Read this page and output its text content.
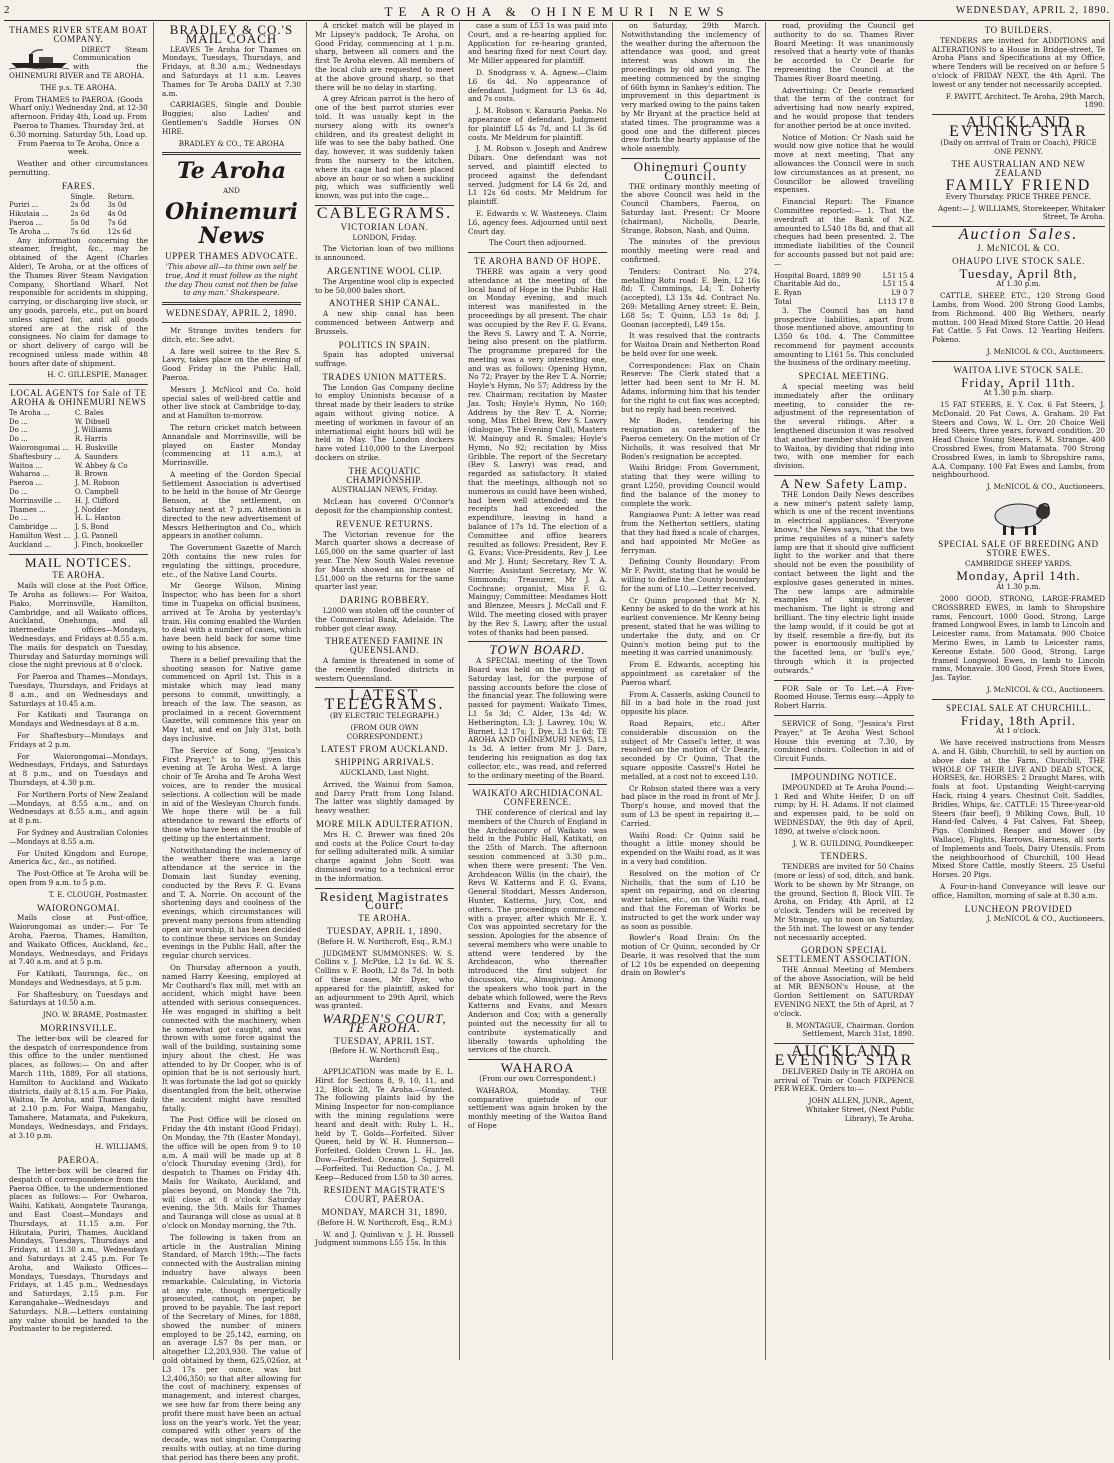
2	TE AROHA & OHINEMURI NEWS	WEDNESDAY, APRIL 2, 1890.
THAMES RIVER STEAM BOAT COMPANY.

DIRECT Steam Communication with the OHINEMURI RIVER and TE AROHA.

THE p.s. TE AROHA.

From THAMES to PAEROA. (Goods Wharf only.) Wednesday 2nd, at 12-30 afternoon. Friday 4th, Load up. From Paeroa to Thames. Thursday 3rd, at 6.30 morning. Saturday 5th, Load up. From Paeroa to Te Aroha, Once a week.

Weather and other circumstances permitting.

FARES.
	Single.	Return.
Puriri ...	2s 0d	3s 0d
Hikutaia ...	2s 6d	4s 0d
Paeroa ...	5s 0d	7s 6d
Te Aroha ...	7s 6d	12s 6d

Any information concerning the steamer, freight, &c., may be obtained of the Agent (Charles Alder), Te Aroha, or at the offices of the Thames River Steam Navigation Company, Shortland Wharf. Not responsible for accidents in shipping, carrying, or discharging live stock, or any goods, parcels, etc., put on board unless signed for, and all goods stored are at the risk of the consignees. No claim for damage to or short delivery of cargo will be recognised unless made within 48 hours after date of shipment.

H. C. GILLESPIE, Manager.

LOCAL AGENTS for Sale of TE AROHA & OHINEMURI NEWS
Te Aroha ...	C. Bales
Do ...	W. Dibsell
Do ...	J. Williams
Do ...	R. Harris
Waiorongomai ...	H. Buskville
Shaftesbury ...	A. Saunders
Waitoa ...	W. Abbey & Co
Waharoa ...	B. Brown
Paeroa ...	J. M. Robson
Do ...	O. Campbell
Morrinsville ...	H. J. Clifford
Thames ...	J. Nodder
Do ...	H. L. Hanton
Cambridge ...	J. S. Bond
Hamilton West ...	J. G. Pannell
Auckland ...	J. Finch, bookseller
MAIL NOTICES.
TE AROHA.

Mails will close at the Post Office, Te Aroha as follows:— For Waitoa, Piako, Morrinsville, Hamilton, Cambridge, and all Waikato offices, Auckland, Onehunga, and all intermediate offices—Mondays, Wednesdays, and Fridays at 8.55 a.m. The mails for despatch on Tuesday, Thursday and Saturday mornings will close the night previous at 8 o'clock.

For Paeroa and Thames—Mondays, Tuesdays, Thursdays, and Fridays at 8 a.m., and on Wednesdays and Saturdays at 10.45 a.m.

For Katikati and Tauranga on Mondays and Wednesdays at 8 a.m.

For Shaftesbury—Mondays and Fridays at 2 p.m.

For Waiorongomai—Mondays, Wednesdays, Fridays, and Saturdays at 8 p.m., and on Tuesdays and Thursdays, at 4.30 p.m.

For Northern Ports of New Zealand—Mondays, at 8.55 a.m., and on Wednesdays at 8.55 a.m., and again at 8 p.m.

For Sydney and Australian Colonies—Mondays at 8.55 a.m.

For United Kingdom and Europe, America &c., &c., as notified.

The Post-Office at Te Aroha will be open from 9 a.m. to 5 p.m.

T. E. CLOUGH, Postmaster.

WAIORONGOMAI.

Mails close at Post-office, Waiorongomai as under:— For Te Aroha, Paeroa, Thames, Hamilton, and Waikato Offices, Auckland, &c., Mondays, Wednesdays, and Fridays at 7.40 a.m. and at 5 p.m.

For Katikati, Tauranga, &c., on Mondays and Wednesdays, at 5 p.m.

For Shaftesbury, on Tuesdays and Saturdays at 10.50 a.m.

JNO. W. BRAME, Postmaster.

MORRINSVILLE.

The letter-box will be cleared for the despatch of correspondence from this office to the under mentioned places, as follows:— On and after March 11th, 1889, For all stations, Hamilton to Auckland and Waikato districts, daily at 8.15 a.m. For Piako, Waitoa, Te Aroha, and Thames daily at 2.10 p.m. For Waipa, Mangahu, Tamahere, Matamata, and Pukekura, Mondays, Wednesdays, and Fridays, at 3.10 p.m.

H. WILLIAMS,

PAEROA.

The letter-box will be cleared for despatch of correspondence from the Paeroa Office, to the undermentioned places as follows:— For Owharoa, Waihi, Katikati, Aongatete Tauranga, and East Coast—Mondays and Thursdays, at 11.15 a.m. For Hikutaia, Puriri, Thames, Auckland Mondays, Tuesdays, Thursdays and Fridays, at 11.30 a.m., Wednesdays and Saturdays at 2.45 p.m. For Te Aroha, and Waikato Offices—Mondays, Tuesdays, Thursdays and Fridays, at 1.45 p.m., Wednesdays and Saturdays, 2.15 p.m. For Karangahake—Wednesdays and Saturdays. N.B.—Letters containing any value should be handed to the Postmaster to be registered.

BRADLEY & CO.'S MAIL COACH

LEAVES Te Aroha for Thames on Mondays, Tuesdays, Thursdays, and Fridays, at 8.30 a.m.; Wednesdays and Saturdays at 11 a.m. Leaves Thames for Te Aroha DAILY at 7.30 a.m.

CARRIAGES, Single and Double Buggies; also Ladies' and Gentlemen's Saddle Horses ON HIRE.

BRADLEY & CO., TE AROHA

Te Aroha
AND
Ohinemuri News
UPPER THAMES ADVOCATE.

'This above all—to thine own self be true, And it must follow as the night the day Thou canst not then be false to any man.' Shakespeare.

WEDNESDAY, APRIL 2, 1890.

Mr Strange invites tenders for ditch, etc. See advt.

A fare well soiree to the Rev S. Lawry, takes place on the evening of Good Friday in the Public Hall, Paeroa.

Messrs J. McNicol and Co. hold special sales of well-bred cattle and other live stock at Cambridge to-day, and at Hamilton to-morrow.

The return cricket match between Annandale and Morrinsville, will be played on Easter Monday (commencing at 11 a.m.), at Morrinsville.

A meeting of the Gordon Special Settlement Association is advertised to be held in the house of Mr George Benson, at the settlement, on Saturday next at 7 p.m. Attention is directed to the new advertisement of Messrs Hetherington and Co., which appears in another column.

The Government Gazette of March 20th contains the new rules for regulating the sittings, procedure, etc., of the Native Land Courts.

Mr George Wilson, Mining Inspector, who has been for a short time in Tuapeka on official business, arrived at Te Aroha by yesterday's train. His coming enabled the Warden to deal with a number of cases, which have been held back for some time owing to his absence.

There is a belief prevailing that the shooting season for Native game commenced on April 1st. This is a mistake which may lead many persons to commit, unwittingly, a breach of the law. The season, as proclaimed in a recent Government Gazette, will commence this year on May 1st, and end on July 31st, both days inclusive.

The Service of Song, "Jessica's First Prayer," is to be given this evening at Te Aroha West. A large choir of Te Aroha and Te Aroha West voices, are to render the musical selections. A collection will be made in aid of the Wesleyan Church funds. We hope there will be a full attendance to reward the efforts of those who have been at the trouble of getting up the entertainment.

Notwithstanding the inclemency of the weather there was a large attendance at the service in the Domain last Sunday evening, conducted by the Revs F. G. Evans and T. A. Norrie. On account of the shortening days and coolness of the evenings, which circumstances will prevent many persons from attending open air worship, it has been decided to continue these services on Sunday evenings in the Public Hall, after the regular church services.

On Thursday afternoon a youth, named Harry Keesing, employed at Mr Couthard's flax mill, met with an accident, which might have been attended with serious consequences. He was engaged in shifting a belt connected with the machinery, when he somewhat got caught, and was thrown with some force against the wall of the building, sustaining some injury about the chest. He was attended to by Dr Cooper, who is of opinion that he is not seriously hurt. It was fortunate the lad got so quickly disentangled from the belt, otherwise the accident might have resulted fatally.

The Post Office will be closed on Friday the 4th instant (Good Friday). On Monday, the 7th (Easter Monday), the office will be open from 9 to 10 a.m. A mail will be made up at 8 o'clock Thursday evening (3rd), for despatch to Thames on Friday 4th. Mails for Waikato, Auckland, and places beyond, on Monday the 7th, will close at 8 o'clock Saturday evening, the 5th. Mails for Thames and Tauranga will close as usual at 8 o'clock on Monday morning, the 7th.

The following is taken from an article in the Australian Mining Standard, of March 19th:—The facts connected with the Australian mining industry have always been remarkable. Calculating, in Victoria at any rate, though energetically prosecuted, cannot, on paper, be proved to be payable. The last report of the Secretary of Mines, for 1888, showed the number of miners employed to be 25,142, earning, on an average LS7 8s per man, or altogether L2,203,930. The value of gold obtained by them, 625,026oz, at L3 17s per ounce, was but L2,406,350; so that after allowing for the cost of machinery, expenses of management, and interest charges, we see how far from there being any profit there must have been an actual loss on the year's work. Yet the year, compared with other years of the decade, was not singular. Comparing results with outlay, at no time during that period has there been any profit.

A cricket match will be played in Mr Lipsey's paddock, Te Aroha, on Good Friday, commencing at 1 p.m. sharp, between all comers and the first Te Aroha eleven. All members of the local club are requested to meet at the above ground sharp, so that there will be no delay in starting.

A grey African parrot is the hero of one of the best parrot stories ever told. It was usually kept in the nursery along with its owner's children, and its greatest delight in life was to see the baby bathed. One day, however, it was suddenly taken from the nursery to the kitchen, where its cage had not been placed above an hour or so when a suckling pig, which was sufficiently well known, was put into the cage...

CABLEGRAMS.
VICTORIAN LOAN.

LONDON, Friday.

The Victorian loan of two millions is announced.

ARGENTINE WOOL CLIP.

The Argentine wool clip is expected to be 50,000 bales short.

ANOTHER SHIP CANAL.

A new ship canal has been commenced between Antwerp and Brussels.

POLITICS IN SPAIN.

Spain has adopted universal suffrage.

TRADES UNION MATTERS.

The London Gas Company decline to employ Unionists because of a threat made by their leaders to strike again without giving notice. A meeting of workmen in favour of an international eight hours bill will be held in May. The London dockers have voted L10,000 to the Liverpool dockers on strike.

THE ACQUATIC CHAMPIONSHIP.

AUSTRALIAN NEWS, Friday.

McLean has covered O'Connor's deposit for the championship contest.

REVENUE RETURNS.

The Victorian revenue for the March quarter shows a decrease of L65,000 on the same quarter of last year. The New South Wales revenue for March showed an increase of L51,000 on the returns for the same quarter last year.

DARING ROBBERY.

L2000 was stolen off the counter of the Commercial Bank, Adelaide. The robber got clear away.

THREATENED FAMINE IN QUEENSLAND.

A famine is threatened in some of the recently flooded districts in western Queensland.

LATEST TELEGRAMS.

(BY ELECTRIC TELEGRAPH.)

(FROM OUR OWN CORRESPONDENT.)

LATEST FROM AUCKLAND.
SHIPPING ARRIVALS.

AUCKLAND, Last Night.

Arrived, the Wainui from Samoa, and Darcy Pratt from Long Island. The latter was slightly damaged by heavy weather.

MORE MILK ADULTERATION.

Mrs H. C. Brewer was fined 20s and costs at the Police Court to-day for selling adulterated milk. A similar charge against John Scott was dismissed owing to a technical error in the information.

Resident Magistrates Court.
TE AROHA.
TUESDAY, APRIL 1, 1890.

(Before H. W. Northcroft, Esq., R.M.)

JUDGMENT SUMMONSES: W. S. Collins v. J. McPike, L2 1s 6d. W. S. Collins v. F. Booth, L2 8s 7d. In both of these cases, Mr Dyer, who appeared for the plaintiff, asked for an adjournment to 29th April, which was granted.

WARDEN'S COURT, TE AROHA.
TUESDAY, APRIL 1ST.

(Before H. W. Northcroft Esq., Warden)

APPLICATION was made by E. L. Hirst for Sections 8, 9, 10, 11, and 12, Block 28, Te Aroha.—Granted. The following plaints laid by the Mining Inspector for non-compliance with the mining regulations were heard and dealt with: Ruby L. H., held by T. Golds—Forfeited. Silver Queen, held by W. H. Hunnerson—Forfeited. Golden Crown L. H., Jas. Dow—Forfeited. Oceana, J. Squirrell—Forfeited. Tui Reduction Co., J. M. Keep—Reduced from L50 to 30 acres.

RESIDENT MAGISTRATE'S COURT, PAEROA.
MONDAY, MARCH 31, 1890.

(Before H. W. Northcroft, Esq., R.M.)

W. and J. Quinlivan v. J. H. Russell Judgment summons L55 15s. In this

case a sum of L53 1s was paid into Court, and a re-hearing applied for. Application for re-hearing granted, and hearing fixed for next Court day. Mr Miller appeared for plaintiff.

D. Snodgrass v. A. Agnew.—Claim L6 6s 4d. No appearance of defendant. Judgment for L3 6s 4d, and 7s costs.

J. M. Robson v. Karauria Paeka. No appearance of defendant. Judgment for plaintiff L5 4s 7d, and L1 3s 6d costs. Mr Meldrum for plaintiff.

J. M. Robson v. Joseph and Andrew Dibars. One defendant was not served, and plaintiff elected to proceed against the defendant served. Judgment for L4 6s 2d, and L1 12s 6d costs. Mr Meldrum for plaintiff.

E. Edwards v. W. Wasteneys. Claim L6, agency fees. Adjourned until next Court day.

The Court then adjourned.

TE AROHA BAND OF HOPE.

THERE was again a very good attendance at the meeting of the local band of Hope in the Public Hall on Monday evening, and much interest was manifested in the proceedings by all present. The chair was occupied by the Rev F. G. Evans, the Revs S. Lawry and T. A. Norrie, being also present on the platform. The programme prepared for the meeting was a very interesting one, and was as follows: Opening Hymn, No 72; Prayer by the Rev T. A. Norrie; Hoyle's Hymn, No 57; Address by the rev. Chairman; recitation by Master Jas. Tosh; Hoyle's Hymn, No 160; Address by the Rev T. A. Norrie; song, Miss Ethel Brew, Rev S. Lawry (dialogue, The Evening Call), Masters W. Mainguy and R. Smales; Hoyle's Hymn, No 92; recitation by Miss Gribble. The report of the Secretary (Rev S. Lawry) was read, and regarded as satisfactory. It stated that the meetings, although not so numerous as could have been wished, had been well attended; and the receipts had exceeded the expenditure, leaving in hand a balance of 17s 1d. The election of a Committee and office bearers resulted as follows: President, Rev F. G. Evans; Vice-Presidents, Rev J. Lee and Mr J. Hunt; Secretary, Rev T. A. Norrie; Assistant Secretary, Mr W. Simmonds; Treasurer, Mr J. A. Cochrane; organist, Miss F. G. Mainguy; Committee: Mesdames Hott and Blenzee, Messrs J. McCall and F. Wild. The meeting closed with prayer by the Rev S. Lawry, after the usual votes of thanks had been passed.

TOWN BOARD.

A SPECIAL meeting of the Town Board was held on the evening of Saturday last, for the purpose of passing accounts before the close of the financial year. The following were passed for payment: Waikato Times, L1 5s 3d; C. Alder, 13s 4d; W. Hetherington, L3; J. Lawrey, 10s; W. Burnet, L2 17s; J. Dye, L3 1s 6d; TE AROHA AND OHINEMURI NEWS, L3 1s 3d. A letter from Mr J. Dare, tendering his resignation as dog tax collector, etc., was read, and referred to the ordinary meeting of the Board.

WAIKATO ARCHIDIACONAL CONFERENCE.

THE conference of clerical and lay members of the Church of England in the Archdeaconry of Waikato was held in the Public Hall, Katikati, on the 25th of March. The afternoon session commenced at 3.30 p.m., when there were present: The Ven. Archdeacon Willis (in the chair), the Revs W. Katterns and F. G. Evans, General Stoddart, Messrs Anderson, Hunter, Katterns, Jury, Cox, and others. The proceedings commenced with a prayer, after which Mr E. Y. Cox was appointed secretary for the session. Apologies for the absence of several members who were unable to attend were tendered by the Archdeacon, who thereafter introduced the first subject for discussion, viz., Almsgiving. Among the speakers who took part in the debate which followed, were the Revs Katterns and Evans, and Messrs Anderson and Cox; with a generally pointed out the necessity for all to contribute systematically and liberally towards upholding the services of the church.

WAHAROA

(From our own Correspondent.)

WAHAROA, Monday. THE comparative quietude of our settlement was again broken by the monthly meeting of the Waitoa Band of Hope

on Saturday, 29th March. Notwithstanding the inclemency of the weather during the afternoon the attendance was good, and great interest was shown in the proceedings by old and young. The meeting commenced by the singing of 66th hymn in Sankey's edition. The improvement in this department is very marked owing to the pains taken by Mr Bryant at the practice held at stated times. The programme was a good one and the different pieces drew forth the hearty applause of the whole assembly.

Ohinemuri County Council.

THE ordinary monthly meeting of the above Council was held in the Council Chambers, Paeroa, on Saturday last. Present: Cr Moore (chairman), Nicholls, Dearle, Strange, Robson, Nash, and Quinn.

The minutes of the previous monthly meeting were read and confirmed.

Tenders: Contract No. 274, metalling Rotu road: E. Bein, L2 16s 8d; T. Cummings, L4; T. Doherty (accepted), L3 13s 4d. Contract No. 269: Metalling Arney street: E. Bein, L68 5s; T. Quinn, L53 1s 8d; J. Goonan (accepted), L49 15s.

It was resolved that the contracts for Waitoa Drain and Netherton Road be held over for one week.

Correspondence: Flax on Chain Reserve: The Clerk stated that a letter had been sent to Mr H. M. Adams, informing him that his tender for the right to cut flax was accepted; but no reply had been received.

Mr Boden, tendering his resignation as caretaker of the Paeroa cemetery. On the motion of Cr Nicholls, it was resolved that Mr Boden's resignation be accepted.

Waihi Bridge: From Government, stating that they were willing to grant L250, providing Council would find the balance of the money to complete the work.

Rangiaowa Punt: A letter was read from the Netherton settlers, stating that they had fixed a scale of charges, and had appointed Mr McGee as ferryman.

Defining County Boundary: From Mr F. Pavitt, stating that he would be willing to define the County boundary for the sum of L10.—Letter received.

Cr Quinn proposed that Mr N. Kenny be asked to do the work at his earliest convenience. Mr Kenny being present, stated that he was willing to undertake the duty, and on Cr Quinn's motion being put to the meeting it was carried unanimously.

From E. Edwards, accepting his appointment as caretaker of the Paeroa wharf.

From A. Casserls, asking Council to fill in a bad hole in the road just opposite his place.

Road Repairs, etc.: After considerable discussion on the subject of Mr Cassel's letter, it was resolved on the motion of Cr Dearle, seconded by Cr Quinn, That the square opposite Cassrel's Hotel be metalled, at a cost not to exceed L10.

Cr Robson stated there was a very bad place in the road in front of Mr J. Thorp's house, and moved that the sum of L3 be spent in repairing it.—Carried.

Waihi Road: Cr Quinn said he thought a little money should be expended on the Waihi road, as it was in a very bad condition.

Resolved on the motion of Cr Nicholls, that the sum of L10 be spent on repairing, and on clearing water tables, etc., on the Waihi road, and that the Foreman of Works be instructed to get the work under way as soon as possible.

Bowler's Road Drain: On the motion of Cr Quinn, seconded by Cr Dearle, it was resolved that the sum of L2 10s be expended on deepening drain on Bowler's

TO BUILDERS.

TENDERS are invited for ADDITIONS and ALTERATIONS to a House in Bridge-street, Te Aroha Plans and Specifications at my Office, where Tenders will be received on or before 5 o'clock of FRIDAY NEXT, the 4th April. The lowest or any tender not necessarily accepted.

F. PAVITT, Architect. Te Aroha, 29th March, 1890.

AUCKLAND EVENING STAR

(Daily on arrival of Train or Coach), PRICE ONE PENNY.

THE AUSTRALIAN AND NEW ZEALAND
FAMILY FRIEND

Every Thursday. PRICE THREE PENCE.

Agent:— J. WILLIAMS, Storekeeper, Whitaker Street, Te Aroha.

Auction Sales.
J. McNICOL & CO.
OHAUPO LIVE STOCK SALE.
Tuesday, April 8th,

At 1.30 p.m.

CATTLE, SHEEP, ETC., 120 Strong Good Lambs, from Wood. 200 Strong Good Lambs, from Richmond. 400 Big Wethers, nearly mutton. 100 Head Mixed Store Cattle. 20 Head Fat Cattle. 5 Fat Cows. 12 Yearling Heifers. Pokeno.

J. McNICOL & CO., Auctioneers.

WAITOA LIVE STOCK SALE.
Friday, April 11th.

At 1.30 p.m. sharp.

15 FAT STEERS, E. Y. Cox. 6 Fat Steers, J. McDonald. 20 Fat Cows, A. Graham. 20 Fat Steers and Cows, W. L. Orr. 20 Choice Well bred Steers, three years, forward condition. 20 Head Choice Young Steers, F. M. Strange. 400 Crossbred Ewes, from Matamata. 700 Strong Crossbred Ewes, in lamb to Shropshire rams, A.A. Company. 100 Fat Ewes and Lambs, from neighbourhood.

J. McNICOL & CO., Auctioneers.

SPECIAL SALE OF BREEDING AND STORE EWES.

CAMBRIDGE SHEEP YARDS.

Monday, April 14th.

At 1.30 p.m.

2000 GOOD, STRONG, LARGE-FRAMED CROSSBRED EWES, in lamb to Shropshire rams, Fencourt. 1000 Good, Strong, Large framed Longwool Ewes, in lamb to Lincoln and Leicester rams, from Matamata. 900 Choice Merino Ewes, in Lamb to Leicester rams, Kereone Estate. 500 Good, Strong, Large framed Longwool Ewes, in lamb to Lincoln rams, Monavale. 300 Good, Fresh Store Ewes, Jas. Taylor.

J. McNICOL & CO., Auctioneers.

SPECIAL SALE AT CHURCHILL.
Friday, 18th April.

At 1 o'clock.

We have received instructions from Messrs A. and H. Gibb, Churchill, to sell by auction on above date at the Farm, Churchill, THE WHOLE OF THEIR LIVE AND DEAD STOCK, HORSES, &c. HORSES: 2 Draught Mares, with foals at foot. Upstanding Weight-carrying Hack, rising 4 years. Chestnut Colt. Saddles, Bridles, Whips, &c. CATTLE: 15 Three-year-old Steers (fair beef), 9 Milking Cows, Bull, 10 Hand-fed Calves, 4 Fat Calves, Fat Sheep, Pigs. Combined Reaper and Mower (by Wallace), Flights, Harrows, Harness, all sorts of Implements and Tools, Dairy Utensils. From the neighbourhood of Churchill, 100 Head Mixed Store Cattle, mostly Steers. 25 Useful Horses. 20 Pigs.

A Four-in-hand Conveyance will leave our office, Hamilton, morning of sale at 8.30 a.m.

LUNCHEON PROVIDED

J. McNICOL & CO., Auctioneers.

road, providing the Council get authority to do so. Thames River Board Meeting: It was unanimously resolved that a hearty vote of thanks be accorded to Cr Dearle for representing the Council at the Thames River Board meeting.

Advertising: Cr Dearle remarked that the term of the contract for advertising had now nearly expired, and he would propose that tenders for another period be at once invited.

Notice of Motion: Cr Nash said he would now give notice that he would move at next meeting, That any allowances the Council were in such low circumstances as at present, no Councillor be allowed travelling expenses.

Financial Report: The Finance Committee reported:— 1. That the overdraft at the Bank of N.Z. amounted to L540 18s 8d, and that all cheques had been presented. 2. The immediate liabilities of the Council for accounts passed but not paid are:—

Hospital Board, 1889 90	L51 15 4
Charitable Aid do.,	L51 15 4
E. Ryan	L9 0 7
Total	L113 17 8

3. The Council has on hand prospective liabilities, apart from those mentioned above, amounting to L350 6s 10d. 4. The Committee recommend for payment accounts amounting to L161 5s. This concluded the business of the ordinary meeting.

SPECIAL MEETING.

A special meeting was held immediately after the ordinary meeting, to consider the re-adjustment of the representation of the several ridings. After a lengthened discussion it was resolved that another member should be given to Waitoa, by dividing that riding into two, with one member for each division.

A New Safety Lamp.

THE London Daily News describes a new miner's patent safety lamp, which is one of the recent inventions in electrical appliances. "Everyone knows," the News says, "that the two prime requisites of a miner's safety lamp are that it should give sufficient light to the worker and that there should not be even the possibility of contact between the light and the explosive gases generated in mines. The new lamps are admirable examples of simple, clever mechanism. The light is strong and brilliant. The tiny electric light inside the lamp would, if it could be got at by itself, resemble a fire-fly, but its power is enormously multiplied by the facetted lens, or 'bull's eye,' through which it is projected outwards."

FOR Sale or To Let.—A Five-Roomed House. Terms easy.—Apply to Robert Harris.

SERVICE of Song, "Jessica's First Prayer," at Te Aroha West School House this evening at 7.30, by combined choirs. Collection in aid of Circuit Funds.

IMPOUNDING NOTICE.

IMPOUNDED at Te Aroha Pound:— 1 Red and White Heifer, D on off rump; by H. H. Adams. If not claimed and expenses paid, to be sold on WEDNESDAY, the 9th day of April, 1890, at twelve o'clock noon.

J. W. R. GUILDING, Poundkeeper.

TENDERS.

TENDERS are invited for 50 Chains (more or less) of sod, ditch, and bank. Work to be shown by Mr Strange, on the ground, Section 8, Block VIII. Te Aroha, on Friday, 4th April, at 12 o'clock. Tenders will be received by Mr Strange, up to noon on Saturday, the 5th inst. The lowest or any tender not necessarily accepted.

GORDON SPECIAL SETTLEMENT ASSOCIATION.

THE Annual Meeting of Members of the above Association, will be held at MR BENSON's House, at the Gordon Settlement on SATURDAY EVENING NEXT, the 5th of April, at 7 o'clock.

B. MONTAGUE, Chairman. Gordon Settlement, March 31st, 1890.

AUCKLAND EVENING STAR

DELIVERED Daily in TE AROHA on arrival of Train or Coach FIXPENCE PER WEEK. Orders to:—

JOHN ALLEN, JUNR., Agent, Whitaker Street, (Next Public Library), Te Aroha.
